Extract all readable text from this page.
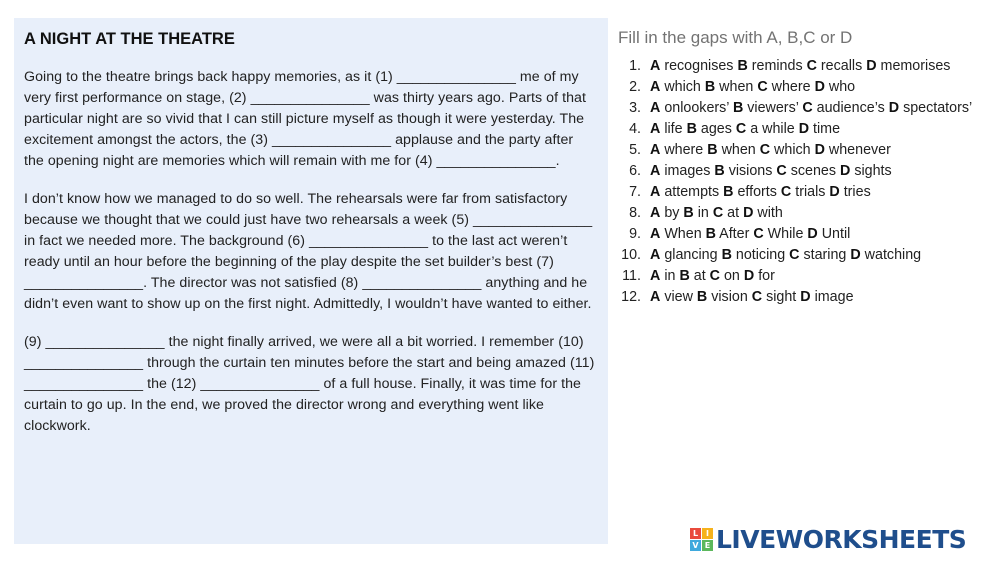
A NIGHT AT THE THEATRE

Going to the theatre brings back happy memories, as it (1) _______________ me of my very first performance on stage, (2) _______________ was thirty years ago. Parts of that particular night are so vivid that I can still picture myself as though it were yesterday. The excitement amongst the actors, the (3) _______________ applause and the party after the opening night are memories which will remain with me for (4) _______________.

I don’t know how we managed to do so well. The rehearsals were far from satisfactory because we thought that we could just have two rehearsals a week (5) _______________ in fact we needed more. The background (6) _______________ to the last act weren’t ready until an hour before the beginning of the play despite the set builder’s best (7) _______________. The director was not satisfied (8) _______________ anything and he didn’t even want to show up on the first night. Admittedly, I wouldn’t have wanted to either.

(9) _______________ the night finally arrived, we were all a bit worried. I remember (10) _______________ through the curtain ten minutes before the start and being amazed (11) _______________ the (12) _______________ of a full house. Finally, it was time for the curtain to go up. In the end, we proved the director wrong and everything went like clockwork.

Fill in the gaps with A, B,C or D
1. A recognises B reminds C recalls D memorises
2. A which B when C where D who
3. A onlookers’ B viewers’ C audience’s D spectators’
4. A life B ages C a while D time
5. A where B when C which D whenever
6. A images B visions C scenes D sights
7. A attempts B efforts C trials D tries
8. A by B in C at D with
9. A When B After C While D Until
10. A glancing B noticing C staring D watching
11. A in B at C on D for
12. A view B vision C sight D image
L I
V E LIVEWORKSHEETS
